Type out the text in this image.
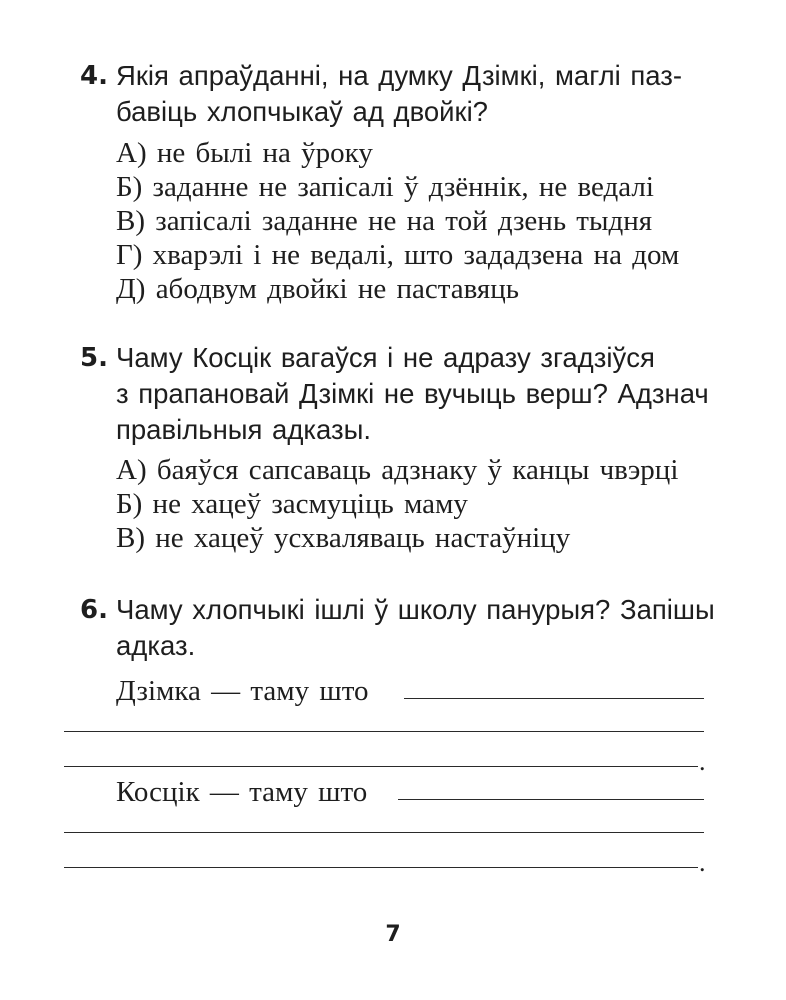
4. Якія апраўданні, на думку Дзімкі, маглі паз-
бавіць хлопчыкаў ад двойкі?
А) не былі на ўроку
Б) заданне не запісалі ў дзённік, не ведалі
В) запісалі заданне не на той дзень тыдня
Г) хварэлі і не ведалі, што зададзена на дом
Д) абодвум двойкі не паставяць
5. Чаму Косцік вагаўся і не адразу згадзіўся
з прапановай Дзімкі не вучыць верш? Адзнач
правільныя адказы.
А) баяўся сапсаваць адзнаку ў канцы чвэрці
Б) не хацеў засмуціць маму
В) не хацеў усхваляваць настаўніцу
6. Чаму хлопчыкі ішлі ў школу панурыя? Запішы
адказ.
Дзімка — таму што
.
Косцік — таму што
.
7
